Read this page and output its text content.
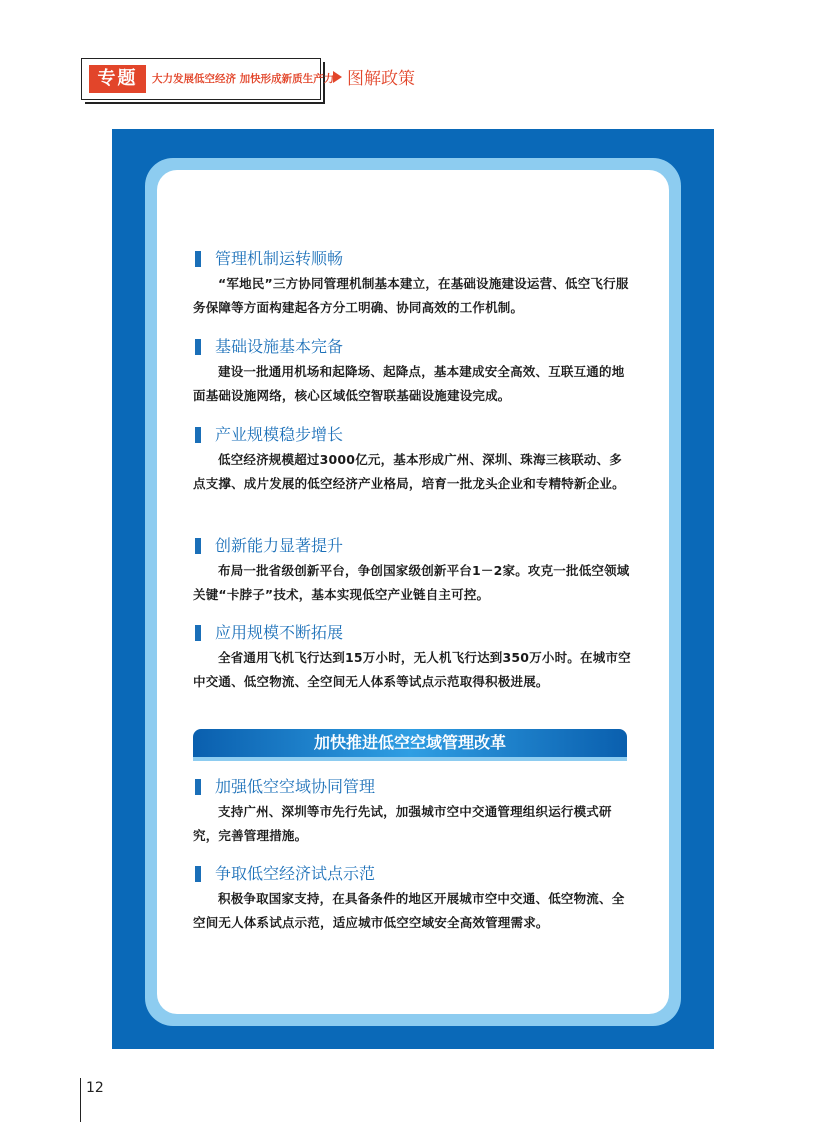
专题	大力发展低空经济 加快形成新质生产力 图解政策
管理机制运转顺畅
“军地民”三方协同管理机制基本建立，在基础设施建设运营、低空飞行服务保障等方面构建起各方分工明确、协同高效的工作机制。
基础设施基本完备
建设一批通用机场和起降场、起降点，基本建成安全高效、互联互通的地面基础设施网络，核心区域低空智联基础设施建设完成。
产业规模稳步增长
低空经济规模超过3000亿元，基本形成广州、深圳、珠海三核联动、多点支撑、成片发展的低空经济产业格局，培育一批龙头企业和专精特新企业。
创新能力显著提升
布局一批省级创新平台，争创国家级创新平台1－2家。攻克一批低空领域关键“卡脖子”技术，基本实现低空产业链自主可控。
应用规模不断拓展
全省通用飞机飞行达到15万小时，无人机飞行达到350万小时。在城市空中交通、低空物流、全空间无人体系等试点示范取得积极进展。
加快推进低空空域管理改革
加强低空空域协同管理
支持广州、深圳等市先行先试，加强城市空中交通管理组织运行模式研究，完善管理措施。
争取低空经济试点示范
积极争取国家支持，在具备条件的地区开展城市空中交通、低空物流、全空间无人体系试点示范，适应城市低空空域安全高效管理需求。
12
